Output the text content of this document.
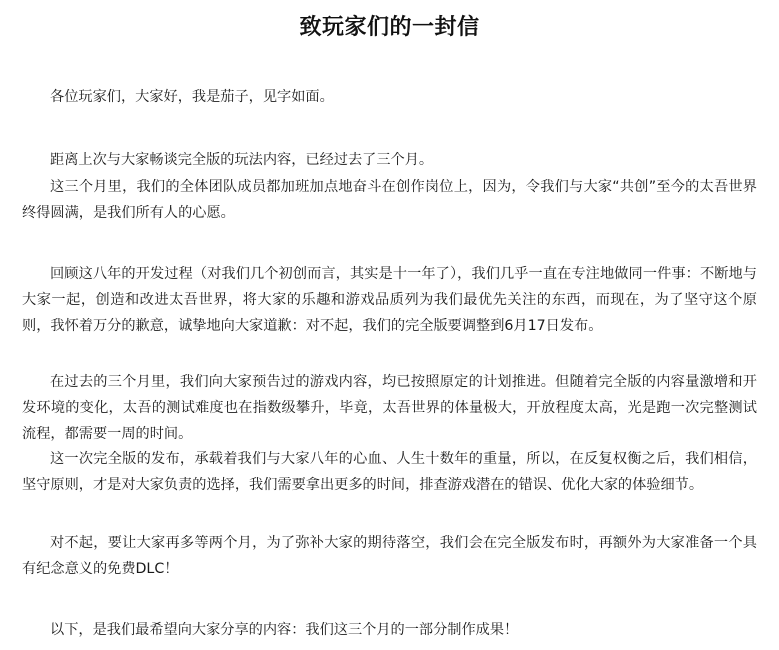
致玩家们的一封信

各位玩家们，大家好，我是茄子，见字如面。

距离上次与大家畅谈完全版的玩法内容，已经过去了三个月。

这三个月里，我们的全体团队成员都加班加点地奋斗在创作岗位上，因为，令我们与大家“共创”至今的太吾世界终得圆满，是我们所有人的心愿。

回顾这八年的开发过程（对我们几个初创而言，其实是十一年了），我们几乎一直在专注地做同一件事：不断地与大家一起，创造和改进太吾世界，将大家的乐趣和游戏品质列为我们最优先关注的东西，而现在，为了坚守这个原则，我怀着万分的歉意，诚挚地向大家道歉：对不起，我们的完全版要调整到6月17日发布。

在过去的三个月里，我们向大家预告过的游戏内容，均已按照原定的计划推进。但随着完全版的内容量激增和开发环境的变化，太吾的测试难度也在指数级攀升，毕竟，太吾世界的体量极大，开放程度太高，光是跑一次完整测试流程，都需要一周的时间。

这一次完全版的发布，承载着我们与大家八年的心血、人生十数年的重量，所以，在反复权衡之后，我们相信，坚守原则，才是对大家负责的选择，我们需要拿出更多的时间，排查游戏潜在的错误、优化大家的体验细节。

对不起，要让大家再多等两个月，为了弥补大家的期待落空，我们会在完全版发布时，再额外为大家准备一个具有纪念意义的免费DLC！

以下，是我们最希望向大家分享的内容：我们这三个月的一部分制作成果！
